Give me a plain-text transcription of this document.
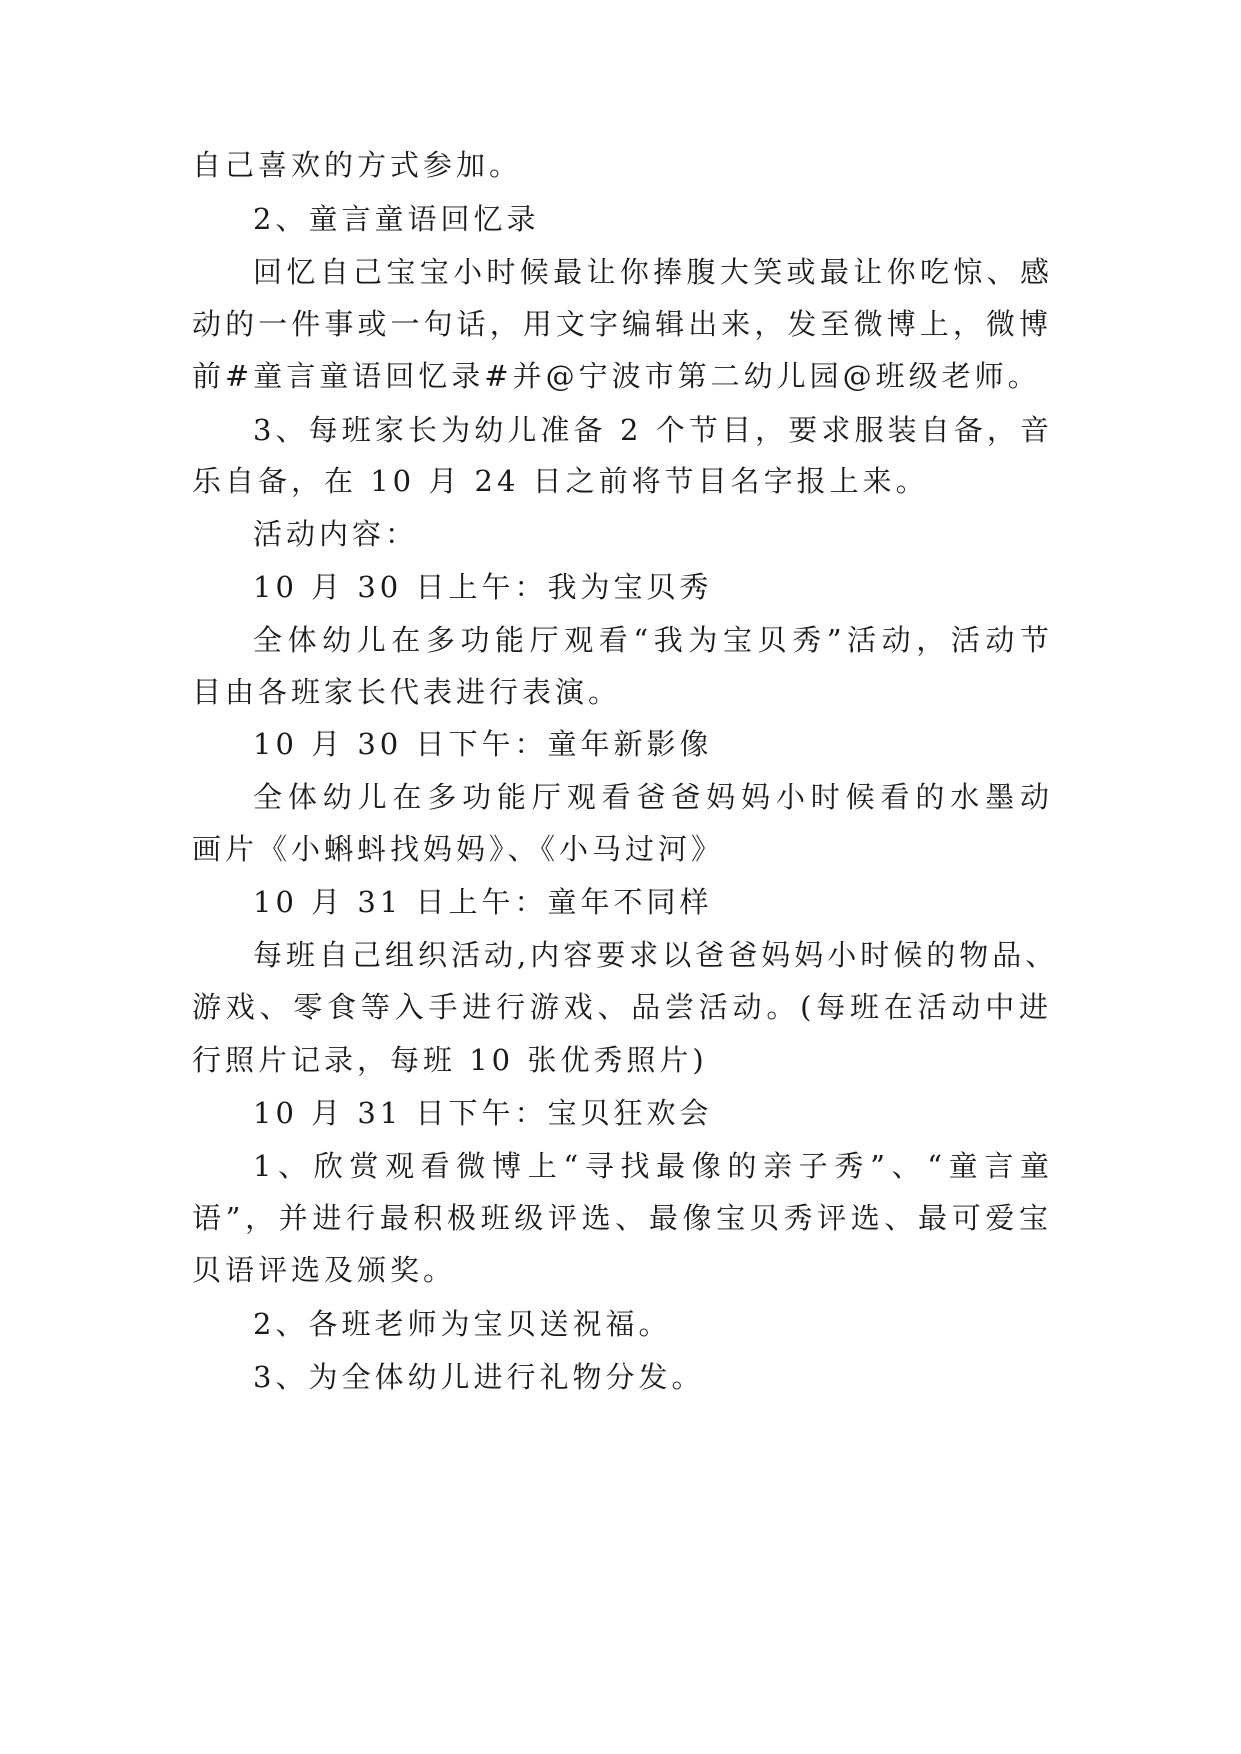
自己喜欢的方式参加。
2、童言童语回忆录
回忆自己宝宝小时候最让你捧腹大笑或最让你吃惊、感
动的一件事或一句话，用文字编辑出来，发至微博上，微博
前#童言童语回忆录#并@宁波市第二幼儿园@班级老师。
3、每班家长为幼儿准备 2 个节目，要求服装自备，音
乐自备，在 10 月 24 日之前将节目名字报上来。
活动内容：
10 月 30 日上午：我为宝贝秀
全体幼儿在多功能厅观看“我为宝贝秀”活动，活动节
目由各班家长代表进行表演。
10 月 30 日下午：童年新影像
全体幼儿在多功能厅观看爸爸妈妈小时候看的水墨动
画片《小蝌蚪找妈妈》、《小马过河》
10 月 31 日上午：童年不同样
每班自己组织活动,内容要求以爸爸妈妈小时候的物品、
游戏、零食等入手进行游戏、品尝活动。(每班在活动中进
行照片记录，每班 10 张优秀照片)
10 月 31 日下午：宝贝狂欢会
1、欣赏观看微博上“寻找最像的亲子秀”、“童言童
语”，并进行最积极班级评选、最像宝贝秀评选、最可爱宝
贝语评选及颁奖。
2、各班老师为宝贝送祝福。
3、为全体幼儿进行礼物分发。
